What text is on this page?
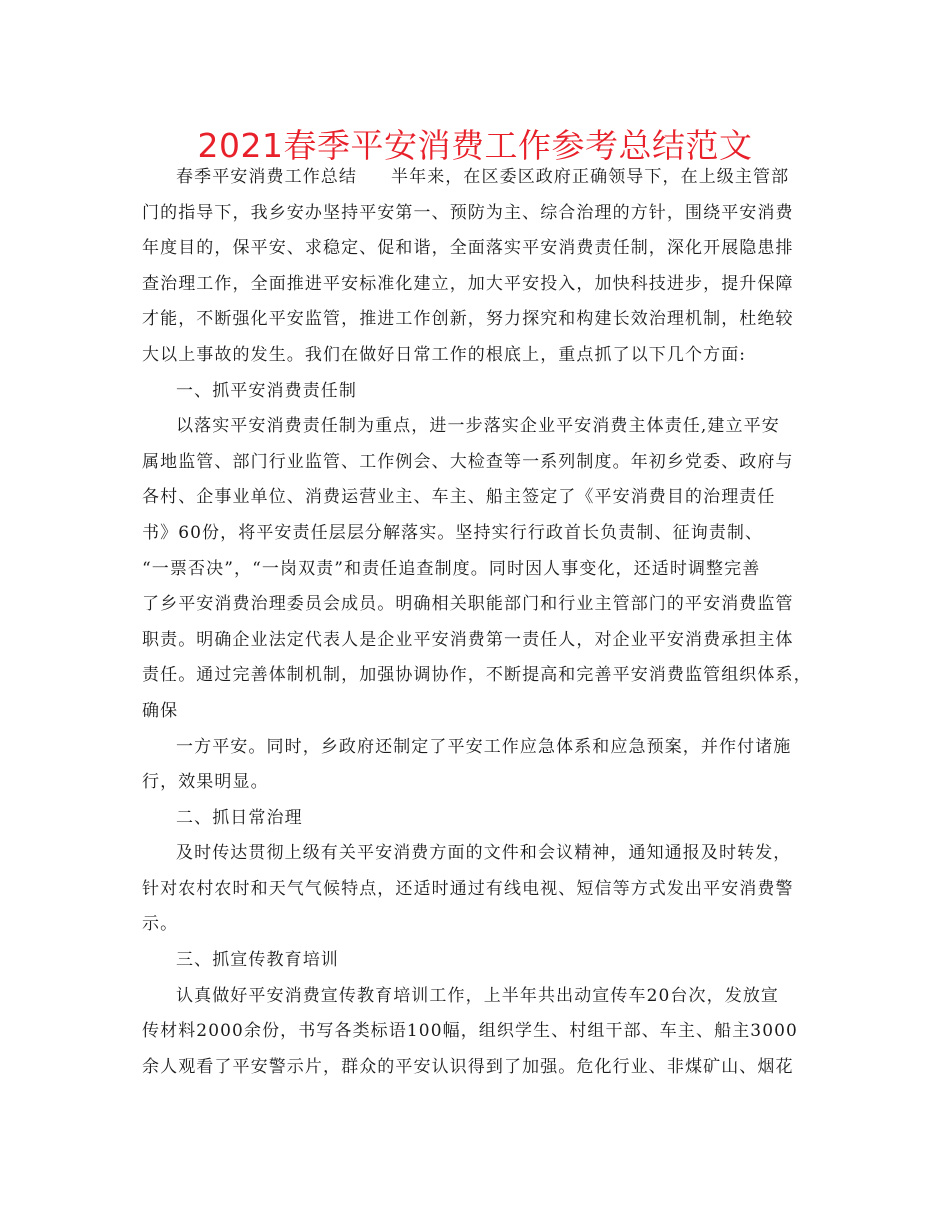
2021春季平安消费工作参考总结范文
春季平安消费工作总结 半年来，在区委区政府正确领导下，在上级主管部
门的指导下，我乡安办坚持平安第一、预防为主、综合治理的方针，围绕平安消费
年度目的，保平安、求稳定、促和谐，全面落实平安消费责任制，深化开展隐患排
查治理工作，全面推进平安标准化建立，加大平安投入，加快科技进步，提升保障
才能，不断强化平安监管，推进工作创新，努力探究和构建长效治理机制，杜绝较
大以上事故的发生。我们在做好日常工作的根底上，重点抓了以下几个方面:
一、抓平安消费责任制
以落实平安消费责任制为重点，进一步落实企业平安消费主体责任,建立平安
属地监管、部门行业监管、工作例会、大检查等一系列制度。年初乡党委、政府与
各村、企事业单位、消费运营业主、车主、船主签定了《平安消费目的治理责任
书》60份，将平安责任层层分解落实。坚持实行行政首长负责制、征询责制、
“一票否决”，“一岗双责”和责任追查制度。同时因人事变化，还适时调整完善
了乡平安消费治理委员会成员。明确相关职能部门和行业主管部门的平安消费监管
职责。明确企业法定代表人是企业平安消费第一责任人，对企业平安消费承担主体
责任。通过完善体制机制，加强协调协作，不断提高和完善平安消费监管组织体系，
确保
一方平安。同时，乡政府还制定了平安工作应急体系和应急预案，并作付诸施
行，效果明显。
二、抓日常治理
及时传达贯彻上级有关平安消费方面的文件和会议精神，通知通报及时转发，
针对农村农时和天气气候特点，还适时通过有线电视、短信等方式发出平安消费警
示。
三、抓宣传教育培训
认真做好平安消费宣传教育培训工作，上半年共出动宣传车20台次，发放宣
传材料2000余份，书写各类标语100幅，组织学生、村组干部、车主、船主3000
余人观看了平安警示片，群众的平安认识得到了加强。危化行业、非煤矿山、烟花
